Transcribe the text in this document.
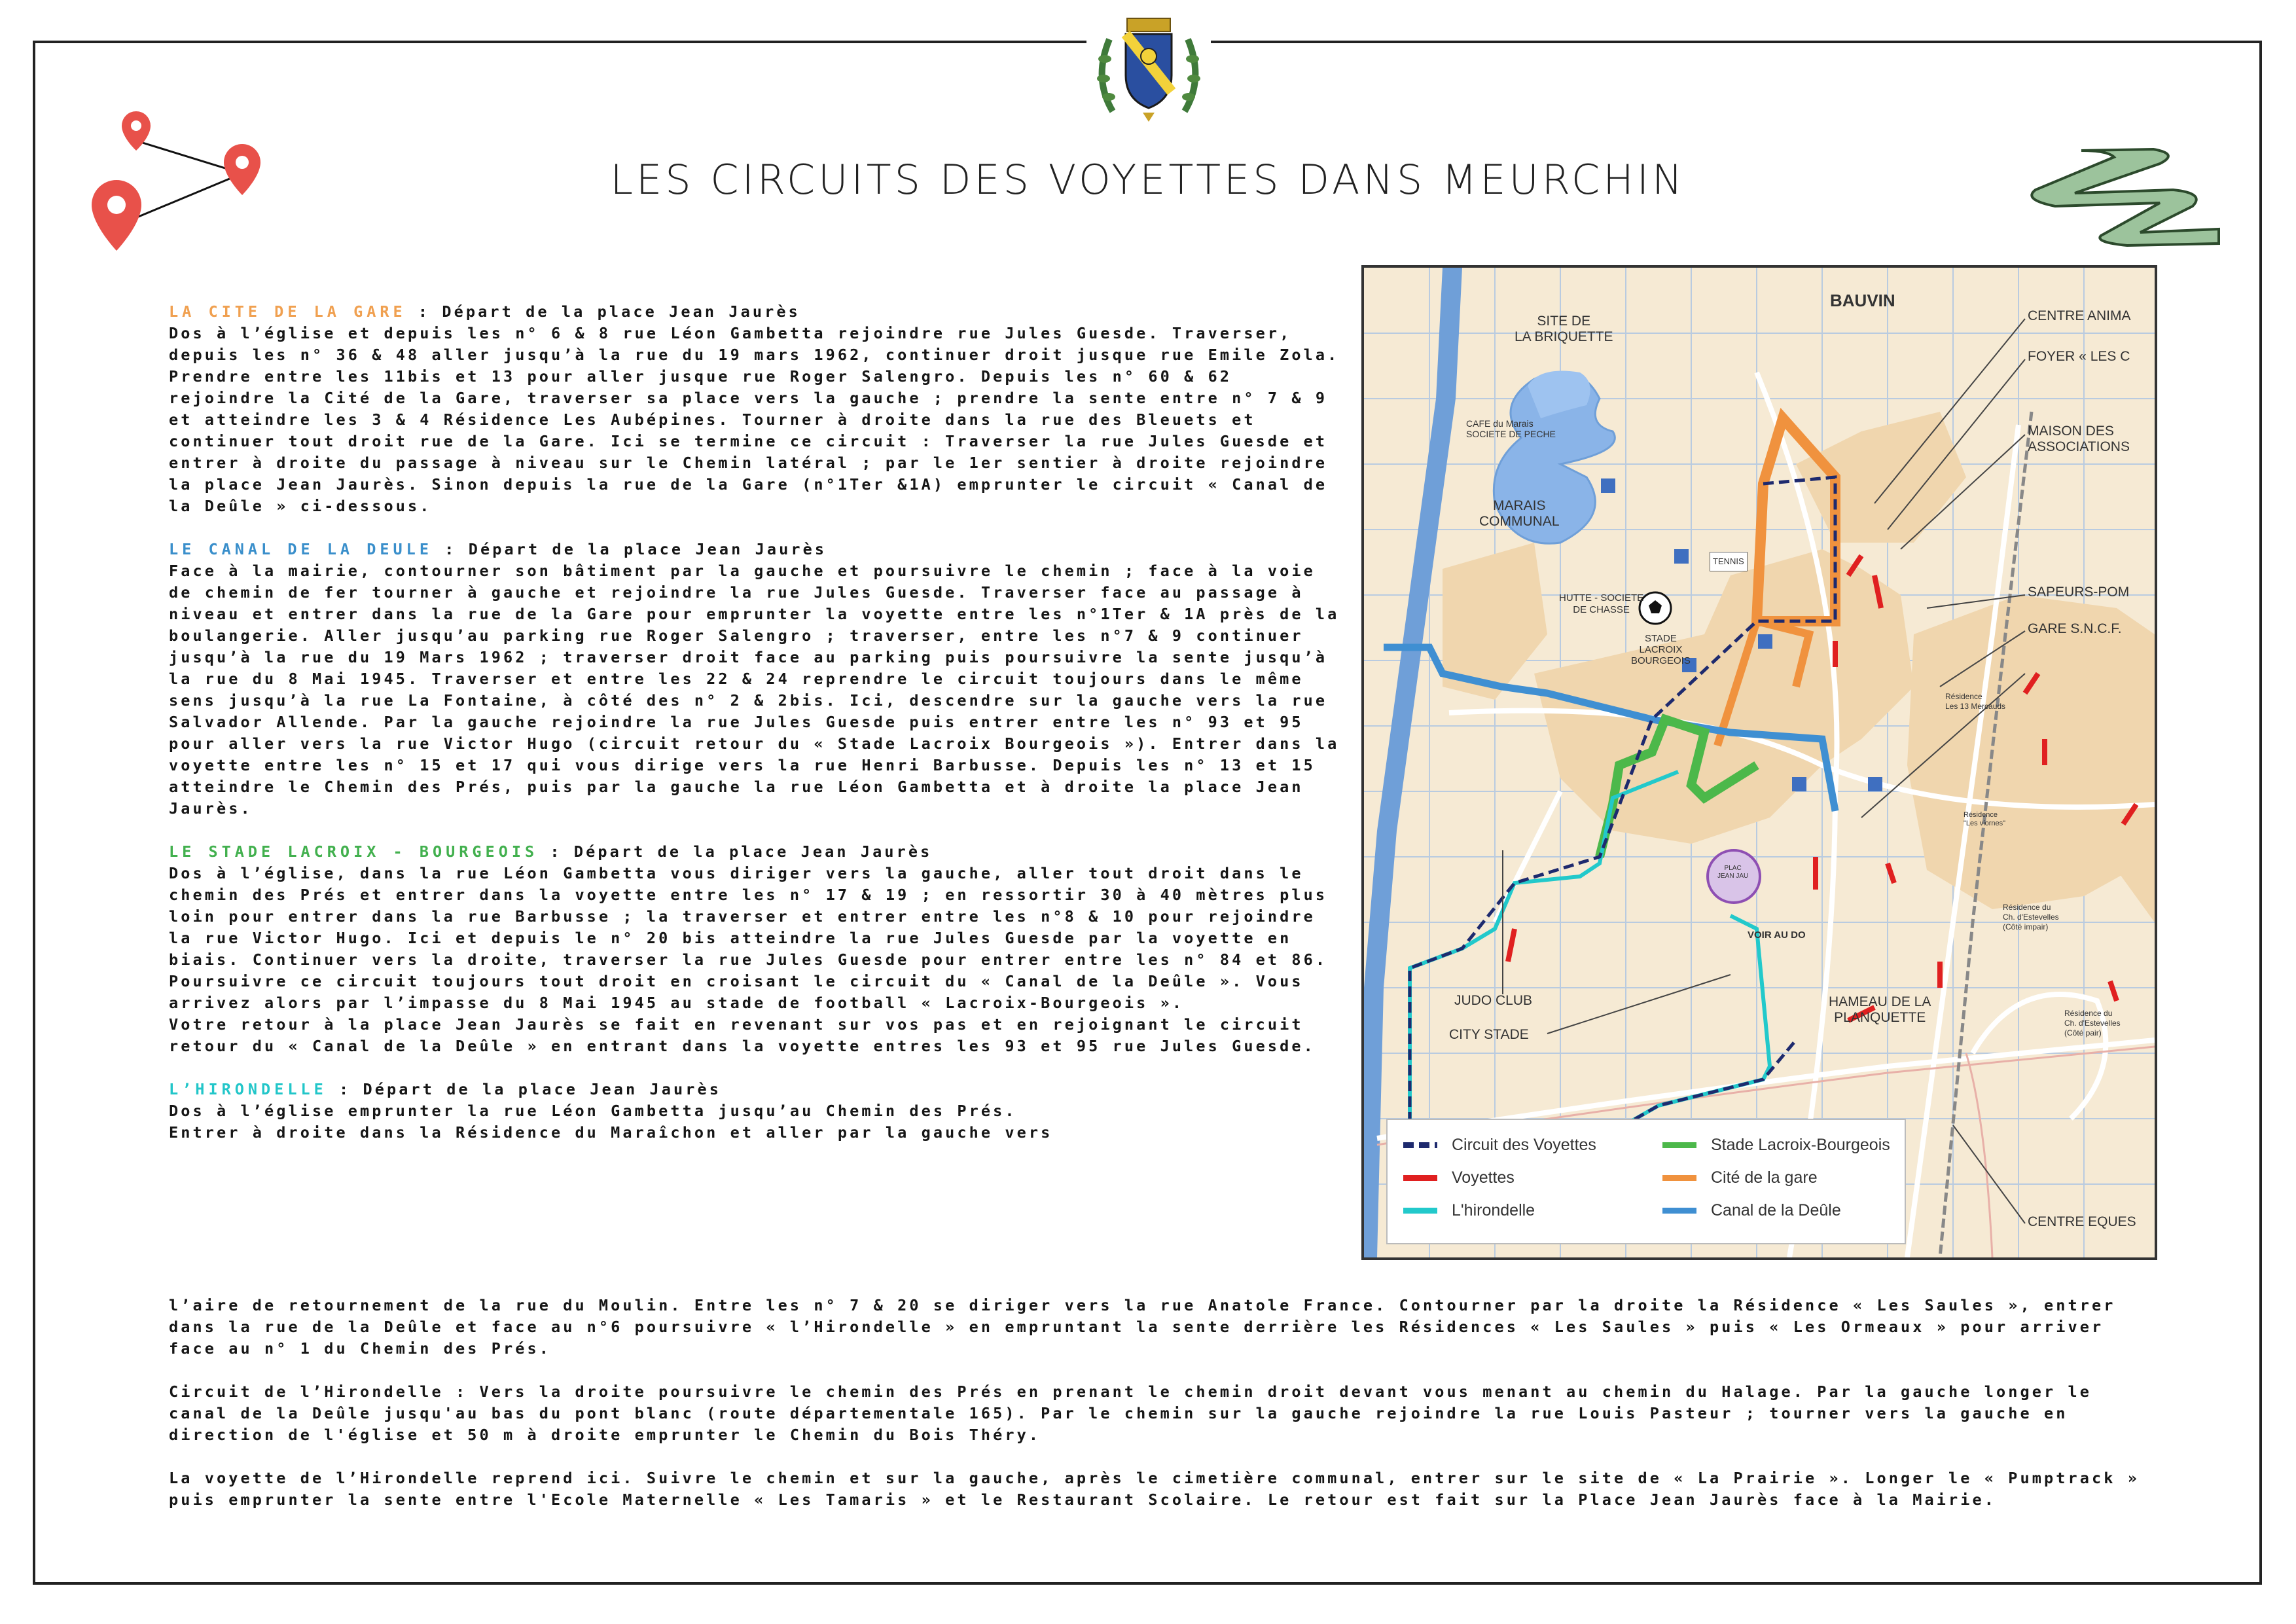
LES CIRCUITS DES VOYETTES DANS MEURCHIN
LA CITE DE LA GARE : Départ de la place Jean Jaurès
Dos à l’église et depuis les n° 6 & 8 rue Léon Gambetta rejoindre rue Jules Guesde. Traverser, depuis les n° 36 & 48 aller jusqu’à la rue du 19 mars 1962, continuer droit jusque rue Emile Zola. Prendre entre les 11bis et 13 pour aller jusque rue Roger Salengro. Depuis les n° 60 & 62 rejoindre la Cité de la Gare, traverser sa place vers la gauche ; prendre la sente entre n° 7 & 9 et atteindre les 3 & 4 Résidence Les Aubépines. Tourner à droite dans la rue des Bleuets et continuer tout droit rue de la Gare. Ici se termine ce circuit : Traverser la rue Jules Guesde et entrer à droite du passage à niveau sur le Chemin latéral ; par le 1er sentier à droite rejoindre la place Jean Jaurès. Sinon depuis la rue de la Gare (n°1Ter &1A) emprunter le circuit « Canal de la Deûle » ci-dessous.
LE CANAL DE LA DEULE : Départ de la place Jean Jaurès
Face à la mairie, contourner son bâtiment par la gauche et poursuivre le chemin ; face à la voie de chemin de fer tourner à gauche et rejoindre la rue Jules Guesde. Traverser face au passage à niveau et entrer dans la rue de la Gare pour emprunter la voyette entre les n°1Ter & 1A près de la boulangerie. Aller jusqu’au parking rue Roger Salengro ; traverser, entre les n°7 & 9 continuer jusqu’à la rue du 19 Mars 1962 ; traverser droit face au parking puis poursuivre la sente jusqu’à la rue du 8 Mai 1945. Traverser et entre les 22 & 24 reprendre le circuit toujours dans le même sens jusqu’à la rue La Fontaine, à côté des n° 2 & 2bis. Ici, descendre sur la gauche vers la rue Salvador Allende. Par la gauche rejoindre la rue Jules Guesde puis entrer entre les n° 93 et 95 pour aller vers la rue Victor Hugo (circuit retour du « Stade Lacroix Bourgeois »). Entrer dans la voyette entre les n° 15 et 17 qui vous dirige vers la rue Henri Barbusse. Depuis les n° 13 et 15 atteindre le Chemin des Prés, puis par la gauche la rue Léon Gambetta et à droite la place Jean Jaurès.
LE STADE LACROIX - BOURGEOIS : Départ de la place Jean Jaurès
Dos à l’église, dans la rue Léon Gambetta vous diriger vers la gauche, aller tout droit dans le chemin des Prés et entrer dans la voyette entre les n° 17 & 19 ; en ressortir 30 à 40 mètres plus loin pour entrer dans la rue Barbusse ; la traverser et entrer entre les n°8 & 10 pour rejoindre la rue Victor Hugo. Ici et depuis le n° 20 bis atteindre la rue Jules Guesde par la voyette en biais. Continuer vers la droite, traverser la rue Jules Guesde pour entrer entre les n° 84 et 86. Poursuivre ce circuit toujours tout droit en croisant le circuit du « Canal de la Deûle ». Vous arrivez alors par l’impasse du 8 Mai 1945 au stade de football « Lacroix-Bourgeois ».
Votre retour à la place Jean Jaurès se fait en revenant sur vos pas et en rejoignant le circuit retour du « Canal de la Deûle » en entrant dans la voyette entres les 93 et 95 rue Jules Guesde.
L’HIRONDELLE : Départ de la place Jean Jaurès
Dos à l’église emprunter la rue Léon Gambetta jusqu’au Chemin des Prés.
Entrer à droite dans la Résidence du Maraîchon et aller par la gauche vers

l’aire de retournement de la rue du Moulin. Entre les n° 7 & 20 se diriger vers la rue Anatole France. Contourner par la droite la Résidence « Les Saules », entrer dans la rue de la Deûle et face au n°6 poursuivre « l’Hirondelle » en empruntant la sente derrière les Résidences « Les Saules » puis « Les Ormeaux » pour arriver face au n° 1 du Chemin des Prés.

Circuit de l’Hirondelle : Vers la droite poursuivre le chemin des Prés en prenant le chemin droit devant vous menant au chemin du Halage. Par la gauche longer le canal de la Deûle jusqu'au bas du pont blanc (route départementale 165). Par le chemin sur la gauche rejoindre la rue Louis Pasteur ; tourner vers la gauche en direction de l'église et 50 m à droite emprunter le Chemin du Bois Théry.

La voyette de l’Hirondelle reprend ici. Suivre le chemin et sur la gauche, après le cimetière communal, entrer sur le site de « La Prairie ». Longer le « Pumptrack » puis emprunter la sente entre l'Ecole Maternelle « Les Tamaris » et le Restaurant Scolaire. Le retour est fait sur la Place Jean Jaurès face à la Mairie.

BAUVIN
SITE DE
LA BRIQUETTE
CAFE du Marais
SOCIETE DE PECHE
MARAIS
COMMUNAL
HUTTE - SOCIETE
DE CHASSE
TENNIS
STADE
LACROIX
BOURGEOIS
CENTRE ANIMA
FOYER « LES C
MAISON DES
ASSOCIATIONS
SAPEURS-POM
GARE S.N.C.F.
Résidence
Les 13 Mercauds
Résidence
"Les viornes"
Résidence du
Ch. d'Estevelles
(Côté impair)
Résidence du
Ch. d'Estevelles
(Côté pair)
PLAC
JEAN JAU
VOIR AU DO
JUDO CLUB
CITY STADE
HAMEAU DE LA
PLANQUETTE
CENTRE EQUES
Circuit des Voyettes
Voyettes
L'hirondelle
Stade Lacroix-Bourgeois
Cité de la gare
Canal de la Deûle
